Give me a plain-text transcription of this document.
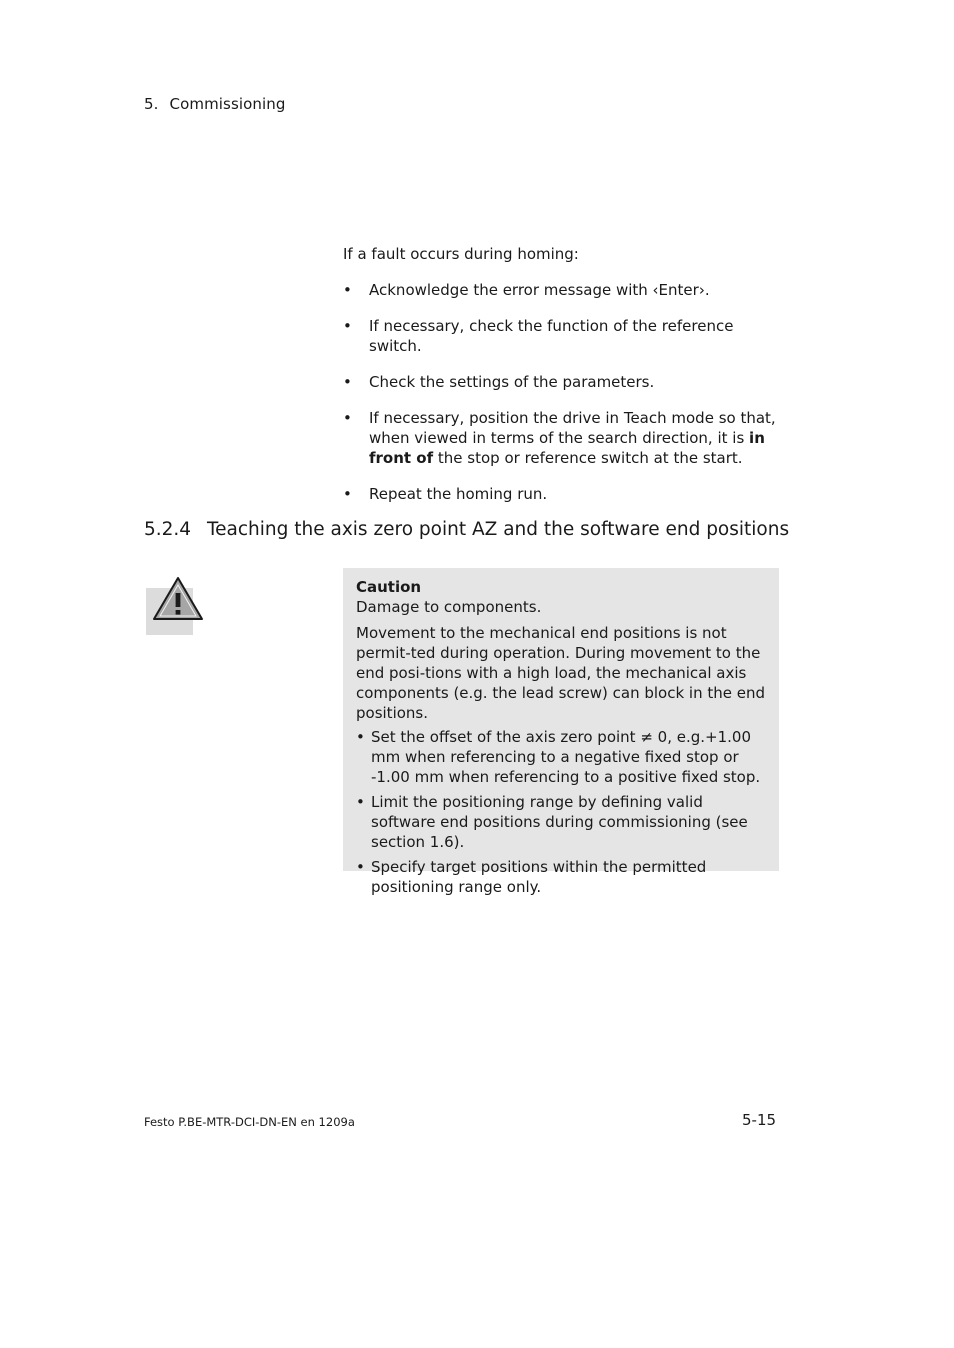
5. Commissioning
If a fault occurs during homing:
• Acknowledge the error message with ‹Enter›.
• If necessary, check the function of the reference switch.
• Check the settings of the parameters.
• If necessary, position the drive in Teach mode so that, when viewed in terms of the search direction, it is in front of the stop or reference switch at the start.
• Repeat the homing run.
5.2.4 Teaching the axis zero point AZ and the software end positions
Caution
Damage to components.

Movement to the mechanical end positions is not permit-ted during operation. During movement to the end posi-tions with a high load, the mechanical axis components (e.g. the lead screw) can block in the end positions.

• Set the offset of the axis zero point ≠ 0, e.g.+1.00 mm when referencing to a negative fixed stop or -1.00 mm when referencing to a positive fixed stop.
• Limit the positioning range by defining valid software end positions during commissioning (see section 1.6).
• Specify target positions within the permitted positioning range only.
Festo P.BE-MTR-DCI-DN-EN en 1209a	5-15
